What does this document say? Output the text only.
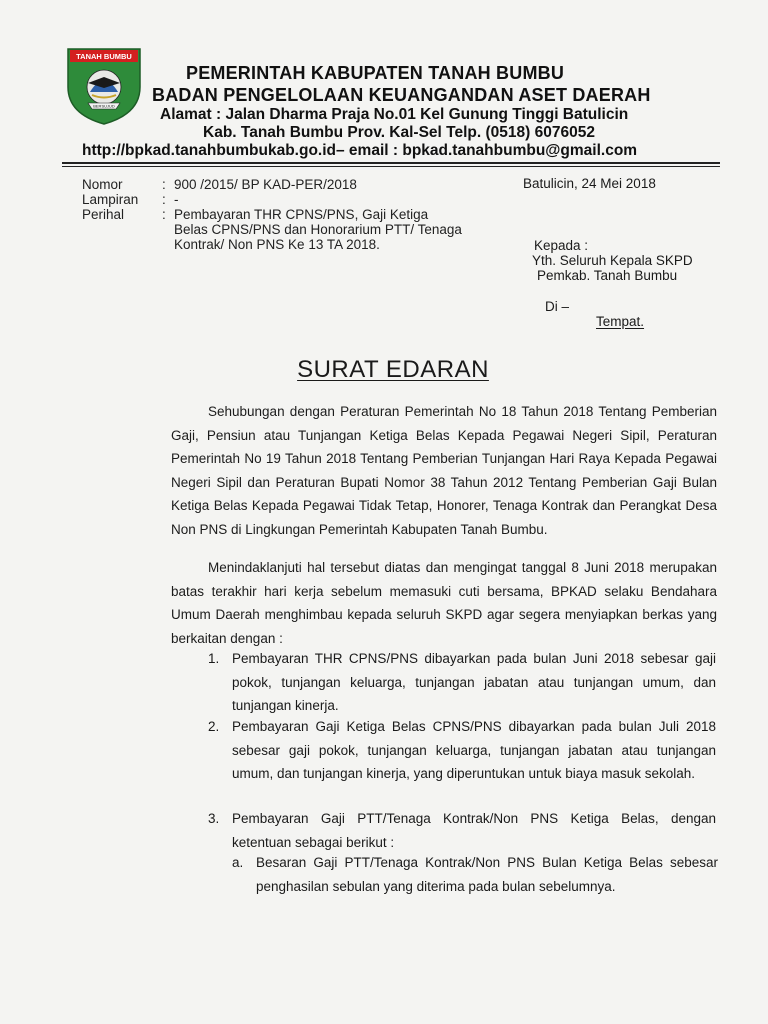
TANAH BUMBU
BERSUJUD
PEMERINTAH KABUPATEN TANAH BUMBU
BADAN PENGELOLAAN KEUANGANDAN ASET DAERAH
Alamat : Jalan Dharma Praja No.01 Kel Gunung Tinggi Batulicin
Kab. Tanah Bumbu Prov. Kal-Sel Telp. (0518) 6076052
http://bpkad.tanahbumbukab.go.id– email : bpkad.tanahbumbu@gmail.com
Nomor	: 900 /2015/ BP KAD-PER/2018
Lampiran : -
Perihal	: Pembayaran THR CPNS/PNS, Gaji Ketiga
Belas CPNS/PNS dan Honorarium PTT/ Tenaga
Kontrak/ Non PNS Ke 13 TA 2018.
Batulicin, 24 Mei 2018
Kepada :
Yth. Seluruh Kepala SKPD
Pemkab. Tanah Bumbu
Di –
Tempat.
SURAT EDARAN
Sehubungan dengan Peraturan Pemerintah No 18 Tahun 2018 Tentang Pemberian Gaji, Pensiun atau Tunjangan Ketiga Belas Kepada Pegawai Negeri Sipil, Peraturan Pemerintah No 19 Tahun 2018 Tentang Pemberian Tunjangan Hari Raya Kepada Pegawai Negeri Sipil dan Peraturan Bupati Nomor 38 Tahun 2012 Tentang Pemberian Gaji Bulan Ketiga Belas Kepada Pegawai Tidak Tetap, Honorer, Tenaga Kontrak dan Perangkat Desa Non PNS di Lingkungan Pemerintah Kabupaten Tanah Bumbu.
Menindaklanjuti hal tersebut diatas dan mengingat tanggal 8 Juni 2018 merupakan batas terakhir hari kerja sebelum memasuki cuti bersama, BPKAD selaku Bendahara Umum Daerah menghimbau kepada seluruh SKPD agar segera menyiapkan berkas yang berkaitan dengan :
1. Pembayaran THR CPNS/PNS dibayarkan pada bulan Juni 2018 sebesar gaji pokok, tunjangan keluarga, tunjangan jabatan atau tunjangan umum, dan tunjangan kinerja.
2. Pembayaran Gaji Ketiga Belas CPNS/PNS dibayarkan pada bulan Juli 2018 sebesar gaji pokok, tunjangan keluarga, tunjangan jabatan atau tunjangan umum, dan tunjangan kinerja, yang diperuntukan untuk biaya masuk sekolah.
3. Pembayaran Gaji PTT/Tenaga Kontrak/Non PNS Ketiga Belas, dengan ketentuan sebagai berikut :
a. Besaran Gaji PTT/Tenaga Kontrak/Non PNS Bulan Ketiga Belas sebesar penghasilan sebulan yang diterima pada bulan sebelumnya.
